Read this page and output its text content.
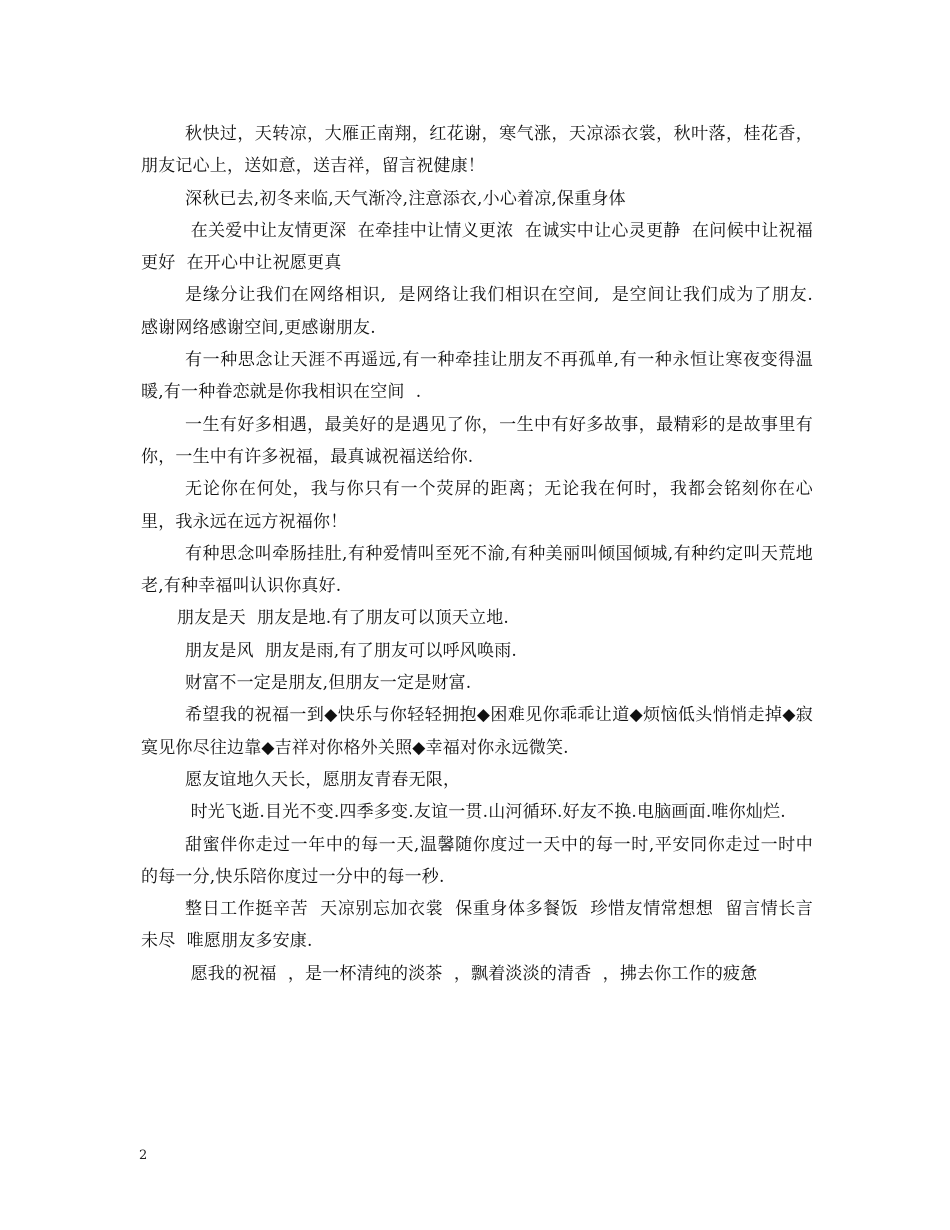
秋快过，天转凉，大雁正南翔，红花谢，寒气涨，天凉添衣裳，秋叶落，桂花香，朋友记心上，送如意，送吉祥，留言祝健康！

深秋已去,初冬来临,天气渐冷,注意添衣,小心着凉,保重身体

在关爱中让友情更深  在牵挂中让情义更浓  在诚实中让心灵更静  在问候中让祝福更好  在开心中让祝愿更真

是缘分让我们在网络相识,  是网络让我们相识在空间,  是空间让我们成为了朋友.  感谢网络感谢空间,更感谢朋友.

有一种思念让天涯不再遥远,有一种牵挂让朋友不再孤单,有一种永恒让寒夜变得温暖,有一种眷恋就是你我相识在空间  .

一生有好多相遇，最美好的是遇见了你，一生中有好多故事，最精彩的是故事里有你，一生中有许多祝福，最真诚祝福送给你.

无论你在何处，我与你只有一个荧屏的距离；无论我在何时，我都会铭刻你在心里，我永远在远方祝福你！

有种思念叫牵肠挂肚,有种爱情叫至死不渝,有种美丽叫倾国倾城,有种约定叫天荒地老,有种幸福叫认识你真好.

朋友是天  朋友是地.有了朋友可以顶天立地.

朋友是风  朋友是雨,有了朋友可以呼风唤雨.

财富不一定是朋友,但朋友一定是财富.

希望我的祝福一到◆快乐与你轻轻拥抱◆困难见你乖乖让道◆烦恼低头悄悄走掉◆寂寞见你尽往边靠◆吉祥对你格外关照◆幸福对你永远微笑.

愿友谊地久天长，愿朋友青春无限，

时光飞逝.目光不变.四季多变.友谊一贯.山河循环.好友不换.电脑画面.唯你灿烂.

甜蜜伴你走过一年中的每一天,温馨随你度过一天中的每一时,平安同你走过一时中的每一分,快乐陪你度过一分中的每一秒.

整日工作挺辛苦  天凉别忘加衣裳  保重身体多餐饭  珍惜友情常想想  留言情长言未尽  唯愿朋友多安康.

愿我的祝福  ，是一杯清纯的淡茶  ，飘着淡淡的清香  ，拂去你工作的疲惫

2
